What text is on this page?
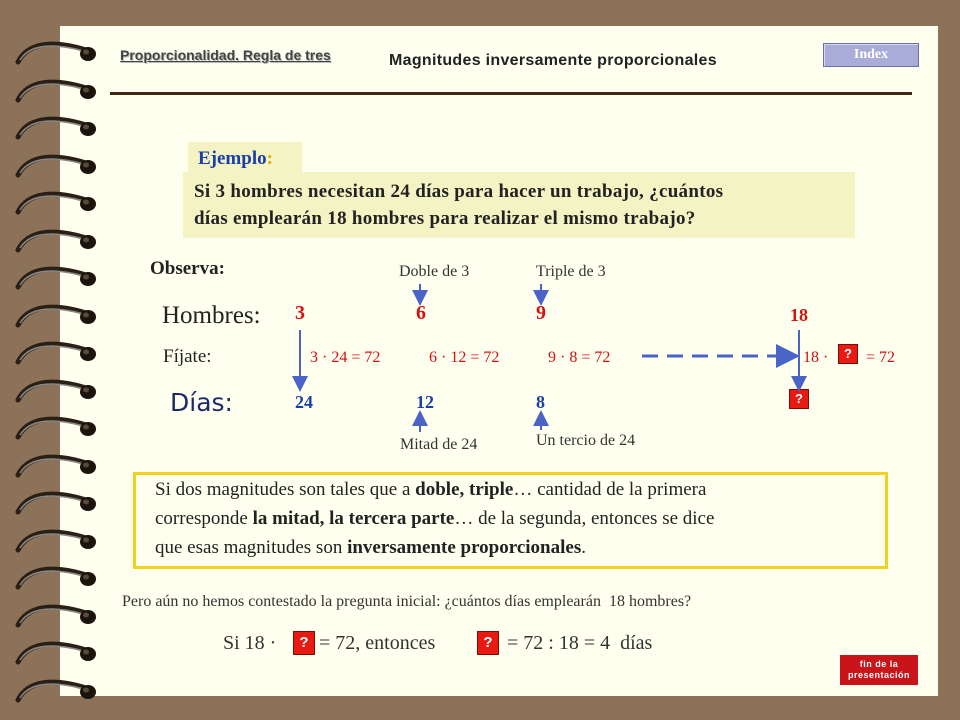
Proporcionalidad. Regla de tres	Magnitudes inversamente proporcionales	Index
Ejemplo:
Si 3 hombres necesitan 24 días para hacer un trabajo, ¿cuántos
días emplearán 18 hombres para realizar el mismo trabajo?
Observa:	Doble de 3	Triple de 3
Hombres: 3	6	9	18
Fíjate:	3 · 24 = 72	6 · 12 = 72	9 · 8 = 72	18 ·	? = 72
Días:	24	12	8	?
Mitad de 24	Un tercio de 24
Si dos magnitudes son tales que a doble, triple… cantidad de la primera
corresponde la mitad, la tercera parte… de la segunda, entonces se dice
que esas magnitudes son inversamente proporcionales.
Pero aún no hemos contestado la pregunta inicial: ¿cuántos días emplearán  18 hombres?
Si 18 ·	? = 72, entonces	? = 72 : 18 = 4  días
fin de la
presentación
